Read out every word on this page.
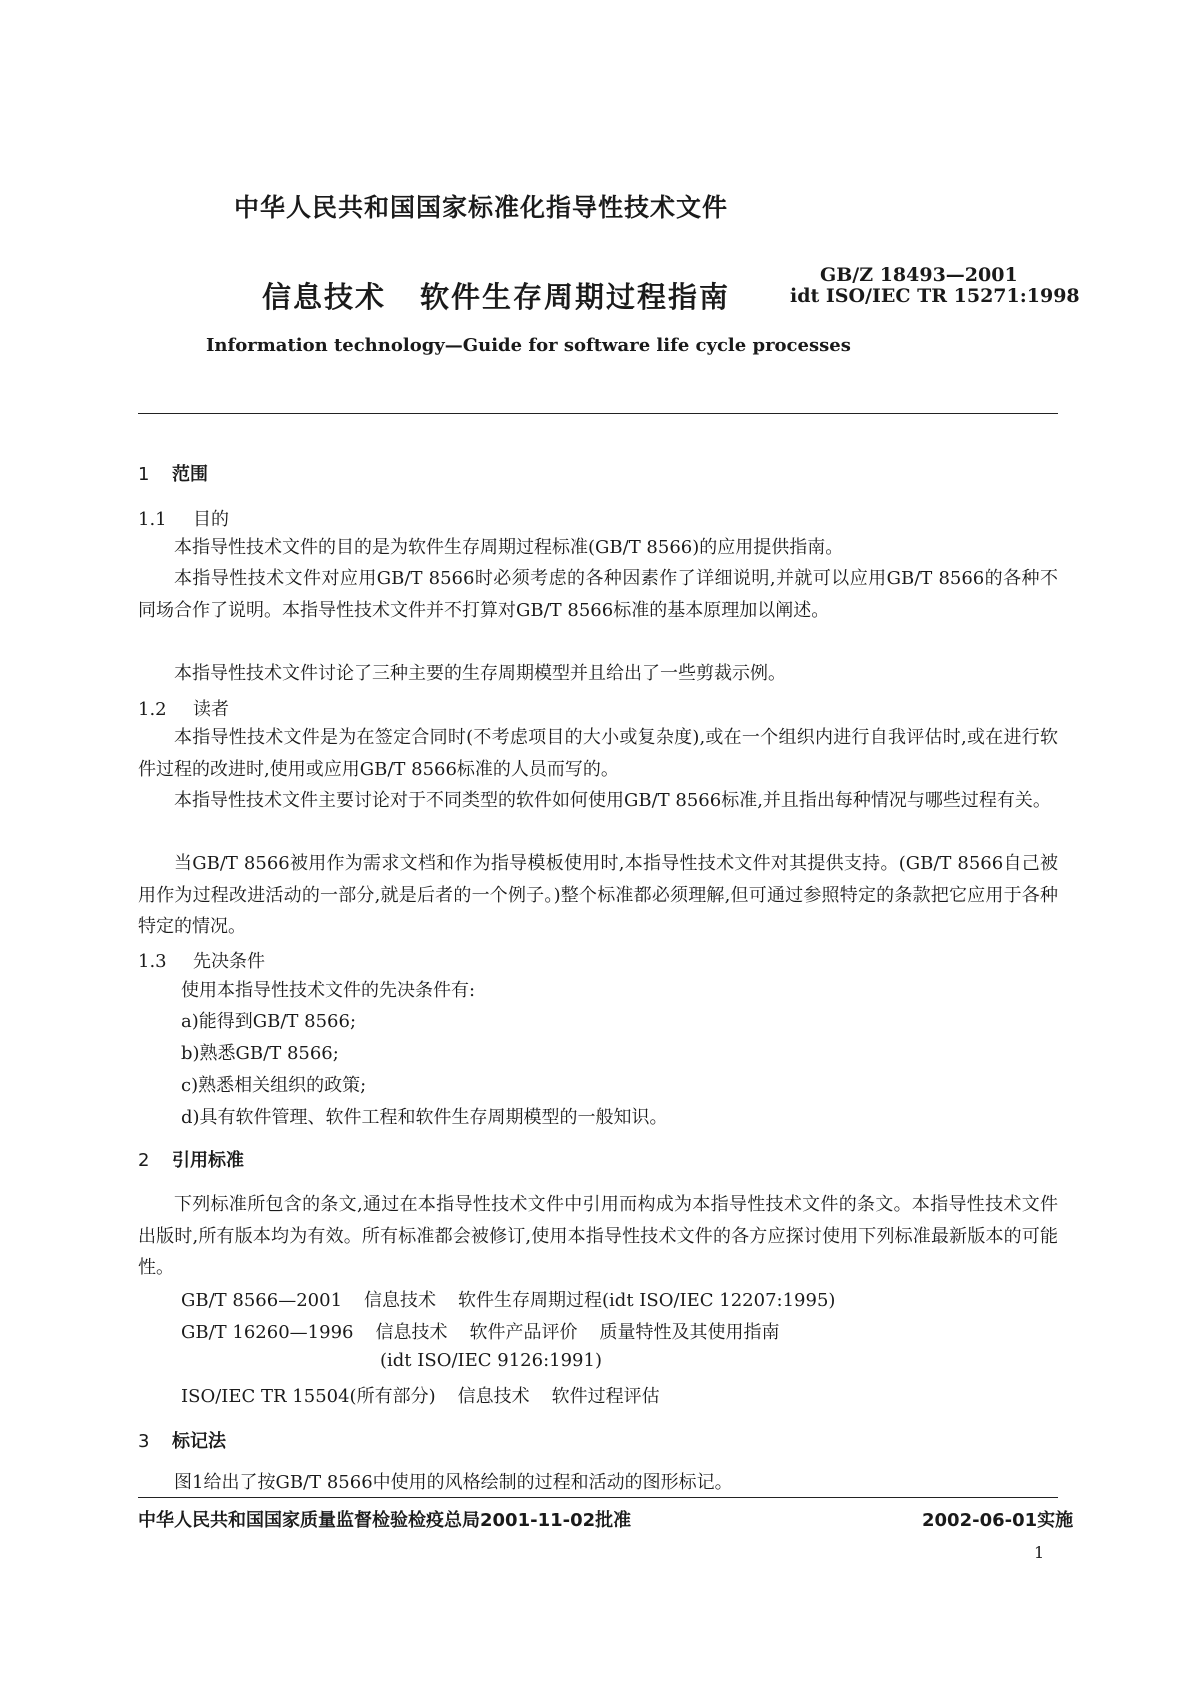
中华人民共和国国家标准化指导性技术文件
信息技术 软件生存周期过程指南
GB/Z 18493—2001
idt ISO/IEC TR 15271:1998
Information technology—Guide for software life cycle processes
1 范围
1.1 目的

本指导性技术文件的目的是为软件生存周期过程标准(GB/T 8566)的应用提供指南。

本指导性技术文件对应用GB/T 8566时必须考虑的各种因素作了详细说明,并就可以应用GB/T 8566的各种不同场合作了说明。本指导性技术文件并不打算对GB/T 8566标准的基本原理加以阐述。

本指导性技术文件讨论了三种主要的生存周期模型并且给出了一些剪裁示例。

1.2 读者

本指导性技术文件是为在签定合同时(不考虑项目的大小或复杂度),或在一个组织内进行自我评估时,或在进行软件过程的改进时,使用或应用GB/T 8566标准的人员而写的。

本指导性技术文件主要讨论对于不同类型的软件如何使用GB/T 8566标准,并且指出每种情况与哪些过程有关。

当GB/T 8566被用作为需求文档和作为指导模板使用时,本指导性技术文件对其提供支持。(GB/T 8566自己被用作为过程改进活动的一部分,就是后者的一个例子。)整个标准都必须理解,但可通过参照特定的条款把它应用于各种特定的情况。

1.3 先决条件
使用本指导性技术文件的先决条件有:
a)能得到GB/T 8566;
b)熟悉GB/T 8566;
c)熟悉相关组织的政策;
d)具有软件管理、软件工程和软件生存周期模型的一般知识。
2 引用标准

下列标准所包含的条文,通过在本指导性技术文件中引用而构成为本指导性技术文件的条文。本指导性技术文件出版时,所有版本均为有效。所有标准都会被修订,使用本指导性技术文件的各方应探讨使用下列标准最新版本的可能性。

GB/T 8566—2001 信息技术 软件生存周期过程(idt ISO/IEC 12207:1995)
GB/T 16260—1996 信息技术 软件产品评价 质量特性及其使用指南
(idt ISO/IEC 9126:1991)
ISO/IEC TR 15504(所有部分) 信息技术 软件过程评估
3 标记法

图1给出了按GB/T 8566中使用的风格绘制的过程和活动的图形标记。

中华人民共和国国家质量监督检验检疫总局2001-11-02批准	2002-06-01实施
1
